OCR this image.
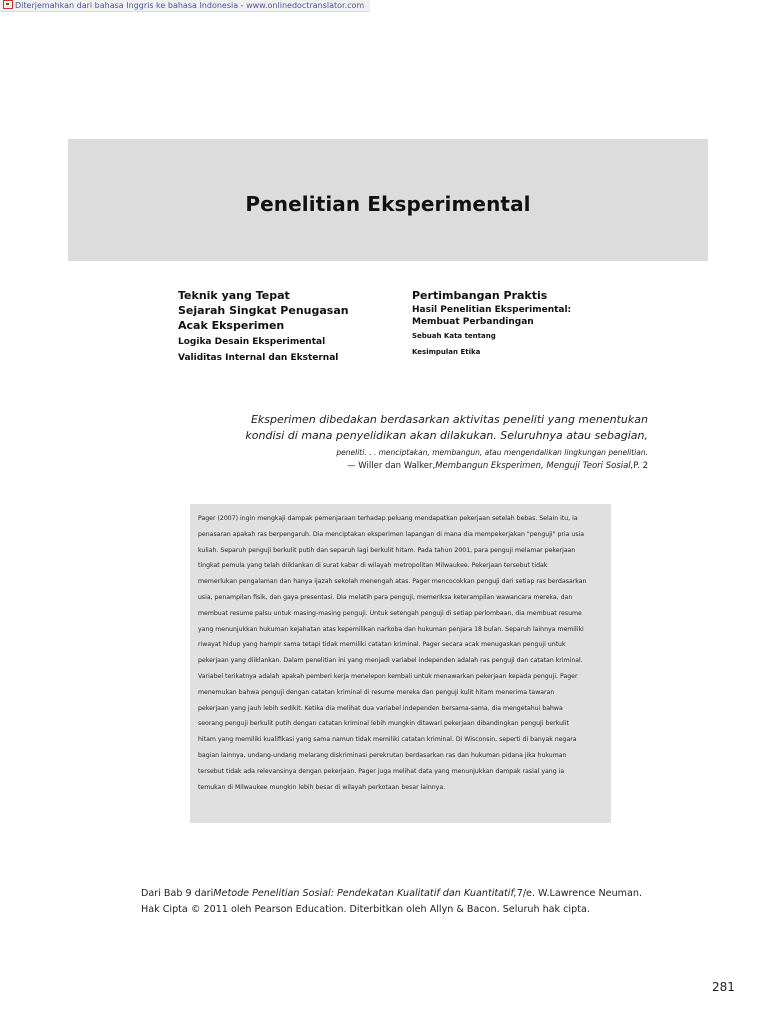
Diterjemahkan dari bahasa Inggris ke bahasa Indonesia - www.onlinedoctranslator.com
Penelitian Eksperimental

Teknik yang Tepat

Sejarah Singkat Penugasan Acak Eksperimen

Logika Desain Eksperimental

Validitas Internal dan Eksternal

Pertimbangan Praktis

Hasil Penelitian Eksperimental: Membuat Perbandingan

Sebuah Kata tentang

Kesimpulan Etika

Eksperimen dibedakan berdasarkan aktivitas peneliti yang menentukan
kondisi di mana penyelidikan akan dilakukan. Seluruhnya atau sebagian,
peneliti. . . menciptakan, membangun, atau mengendalikan lingkungan penelitian.
— Willer dan Walker,Membangun Eksperimen, Menguji Teori Sosial,P. 2
Pager (2007) ingin mengkaji dampak pemenjaraan terhadap peluang mendapatkan pekerjaan setelah bebas. Selain itu, ia
penasaran apakah ras berpengaruh. Dia menciptakan eksperimen lapangan di mana dia mempekerjakan "penguji" pria usia
kuliah. Separuh penguji berkulit putih dan separuh lagi berkulit hitam. Pada tahun 2001, para penguji melamar pekerjaan
tingkat pemula yang telah diiklankan di surat kabar di wilayah metropolitan Milwaukee. Pekerjaan tersebut tidak
memerlukan pengalaman dan hanya ijazah sekolah menengah atas. Pager mencocokkan penguji dari setiap ras berdasarkan
usia, penampilan fisik, dan gaya presentasi. Dia melatih para penguji, memeriksa keterampilan wawancara mereka, dan
membuat resume palsu untuk masing-masing penguji. Untuk setengah penguji di setiap perlombaan, dia membuat resume
yang menunjukkan hukuman kejahatan atas kepemilikan narkoba dan hukuman penjara 18 bulan. Separuh lainnya memiliki
riwayat hidup yang hampir sama tetapi tidak memiliki catatan kriminal. Pager secara acak menugaskan penguji untuk
pekerjaan yang diiklankan. Dalam penelitian ini yang menjadi variabel independen adalah ras penguji dan catatan kriminal.
Variabel terikatnya adalah apakah pemberi kerja menelepon kembali untuk menawarkan pekerjaan kepada penguji. Pager
menemukan bahwa penguji dengan catatan kriminal di resume mereka dan penguji kulit hitam menerima tawaran
pekerjaan yang jauh lebih sedikit. Ketika dia melihat dua variabel independen bersama-sama, dia mengetahui bahwa
seorang penguji berkulit putih dengan catatan kriminal lebih mungkin ditawari pekerjaan dibandingkan penguji berkulit
hitam yang memiliki kualifikasi yang sama namun tidak memiliki catatan kriminal. Di Wisconsin, seperti di banyak negara
bagian lainnya, undang-undang melarang diskriminasi perekrutan berdasarkan ras dan hukuman pidana jika hukuman
tersebut tidak ada relevansinya dengan pekerjaan. Pager juga melihat data yang menunjukkan dampak rasial yang ia
temukan di Milwaukee mungkin lebih besar di wilayah perkotaan besar lainnya.
Dari Bab 9 dariMetode Penelitian Sosial: Pendekatan Kualitatif dan Kuantitatif,7/e. W.Lawrence Neuman. Hak Cipta © 2011 oleh Pearson Education. Diterbitkan oleh Allyn & Bacon. Seluruh hak cipta.
281
